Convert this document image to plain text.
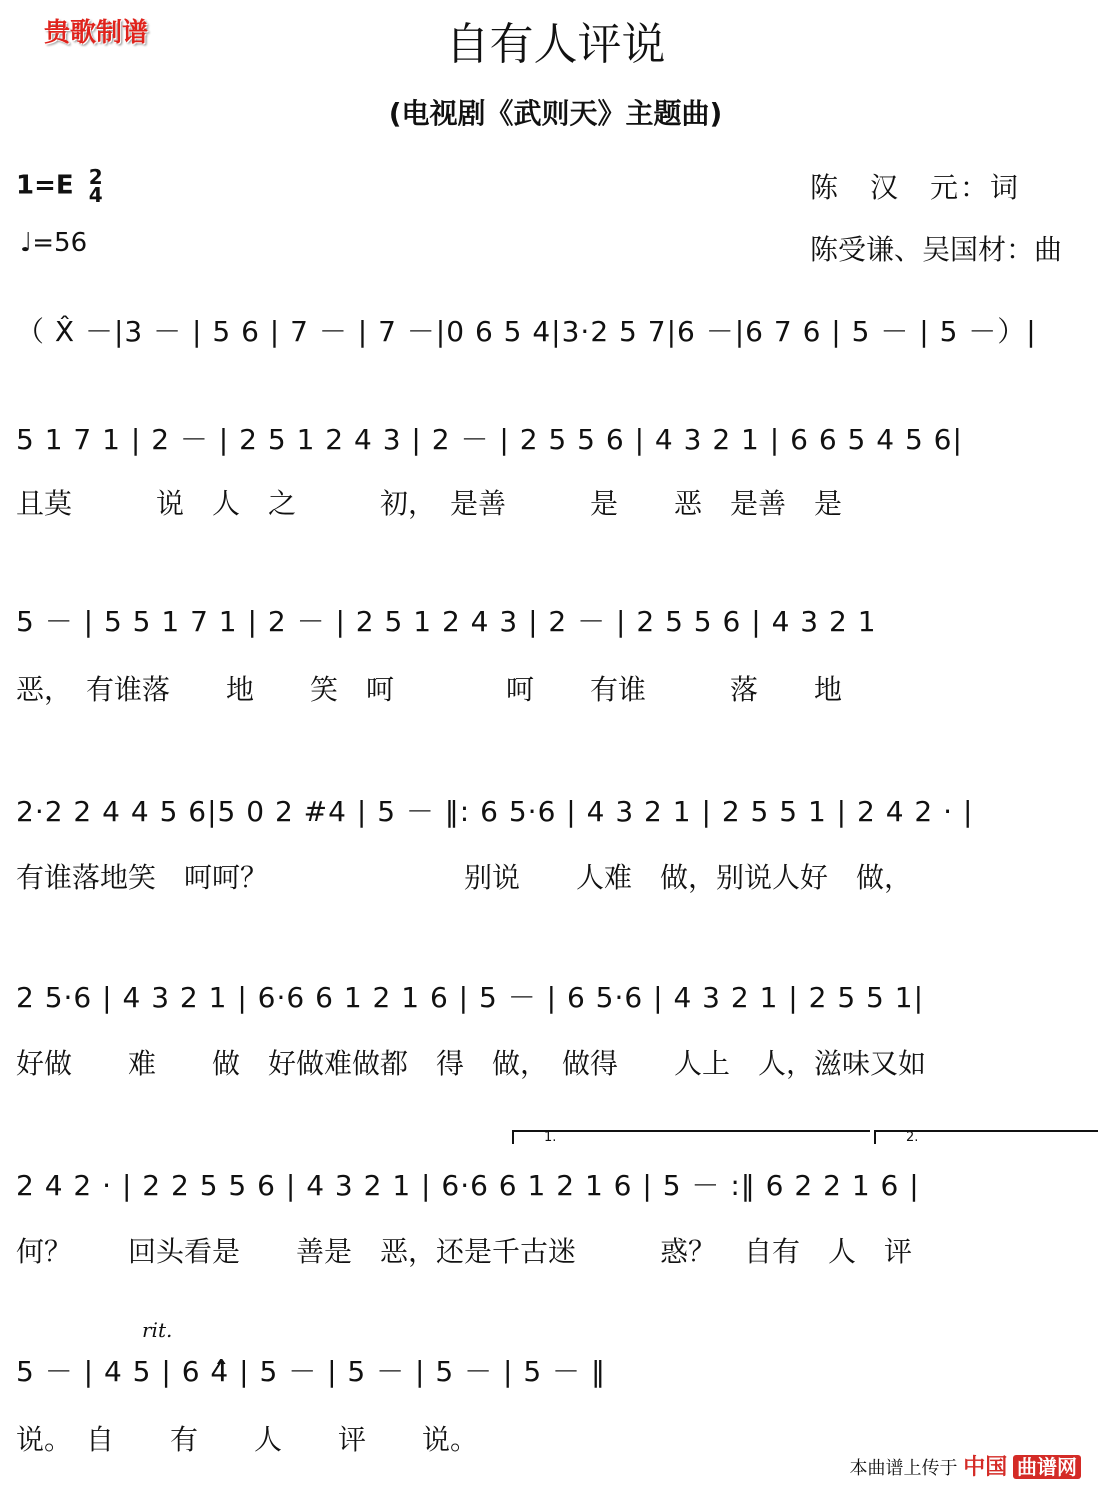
贵歌制谱	自有人评说
(电视剧《武则天》主题曲)
1=E 2
4
♩=56
陈　汉　元：词
陈受谦、吴国材：曲
（ X̂ －|3 － | 5 6 | 7 － | 7 －|0 6 5 4|3·2 5 7|6 －|6 7 6 | 5 － | 5 －）|
5 1 7 1 | 2 － | 2 5 1 2 4 3 | 2 － | 2 5 5 6 | 4 3 2 1 | 6 6 5 4 5 6|
且莫　　　说　人　之　　　初，　是善　　　是　　恶　是善　是
5 － | 5 5 1 7 1 | 2 － | 2 5 1 2 4 3 | 2 － | 2 5 5 6 | 4 3 2 1
恶，　有谁落　　地　　笑　呵　　　　呵　　有谁　　　落　　地
2·2 2 4 4 5 6|5 0 2 #4 | 5 － ‖: 6 5·6 | 4 3 2 1 | 2 5 5 1 | 2 4 2 · |
有谁落地笑　呵呵？　　　　　　　别说　　人难　做，别说人好　做，
2 5·6 | 4 3 2 1 | 6·6 6 1 2 1 6 | 5 － | 6 5·6 | 4 3 2 1 | 2 5 5 1|
好做　　难　　做　好做难做都　得　做，　做得　　人上　人，滋味又如
1.	2.
2 4 2 · | 2 2 5 5 6 | 4 3 2 1 | 6·6 6 1 2 1 6 | 5 － :‖ 6 2 2 1 6 |
何？　　回头看是　　善是　恶，还是千古迷　　　惑？　自有　人　评
rit.
5 － | 4 5 | 6 4̂ | 5 － | 5 － | 5 － | 5 － ‖
说。　自　　有　　人　　评　　说。
本曲谱上传于 中国 曲谱网
